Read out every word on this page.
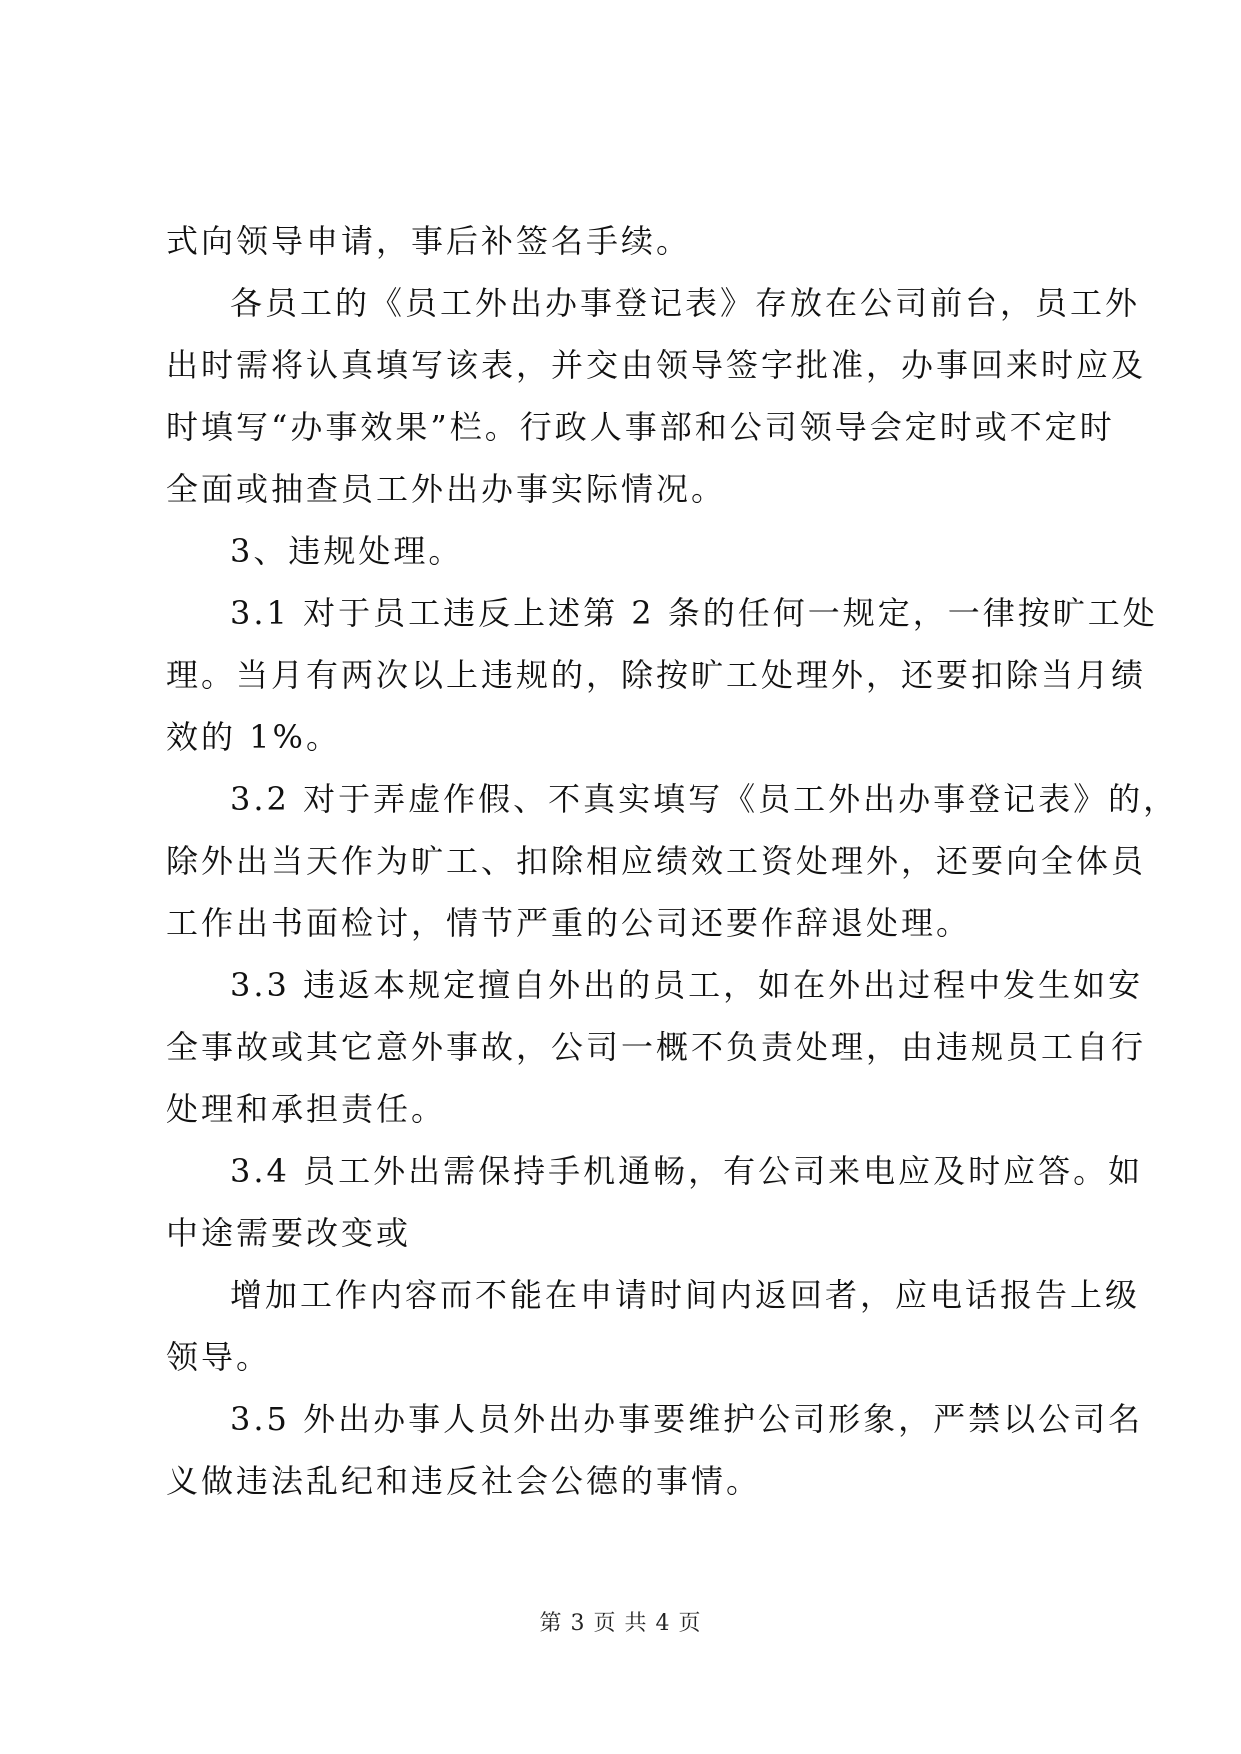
式向领导申请，事后补签名手续。
各员工的《员工外出办事登记表》存放在公司前台，员工外
出时需将认真填写该表，并交由领导签字批准，办事回来时应及
时填写“办事效果”栏。行政人事部和公司领导会定时或不定时
全面或抽查员工外出办事实际情况。
3、违规处理。
3.1 对于员工违反上述第 2 条的任何一规定，一律按旷工处
理。当月有两次以上违规的，除按旷工处理外，还要扣除当月绩
效的 1%。
3.2 对于弄虚作假、不真实填写《员工外出办事登记表》的，
除外出当天作为旷工、扣除相应绩效工资处理外，还要向全体员
工作出书面检讨，情节严重的公司还要作辞退处理。
3.3 违返本规定擅自外出的员工，如在外出过程中发生如安
全事故或其它意外事故，公司一概不负责处理，由违规员工自行
处理和承担责任。
3.4 员工外出需保持手机通畅，有公司来电应及时应答。如
中途需要改变或
增加工作内容而不能在申请时间内返回者，应电话报告上级
领导。
3.5 外出办事人员外出办事要维护公司形象，严禁以公司名
义做违法乱纪和违反社会公德的事情。
第 3 页 共 4 页
